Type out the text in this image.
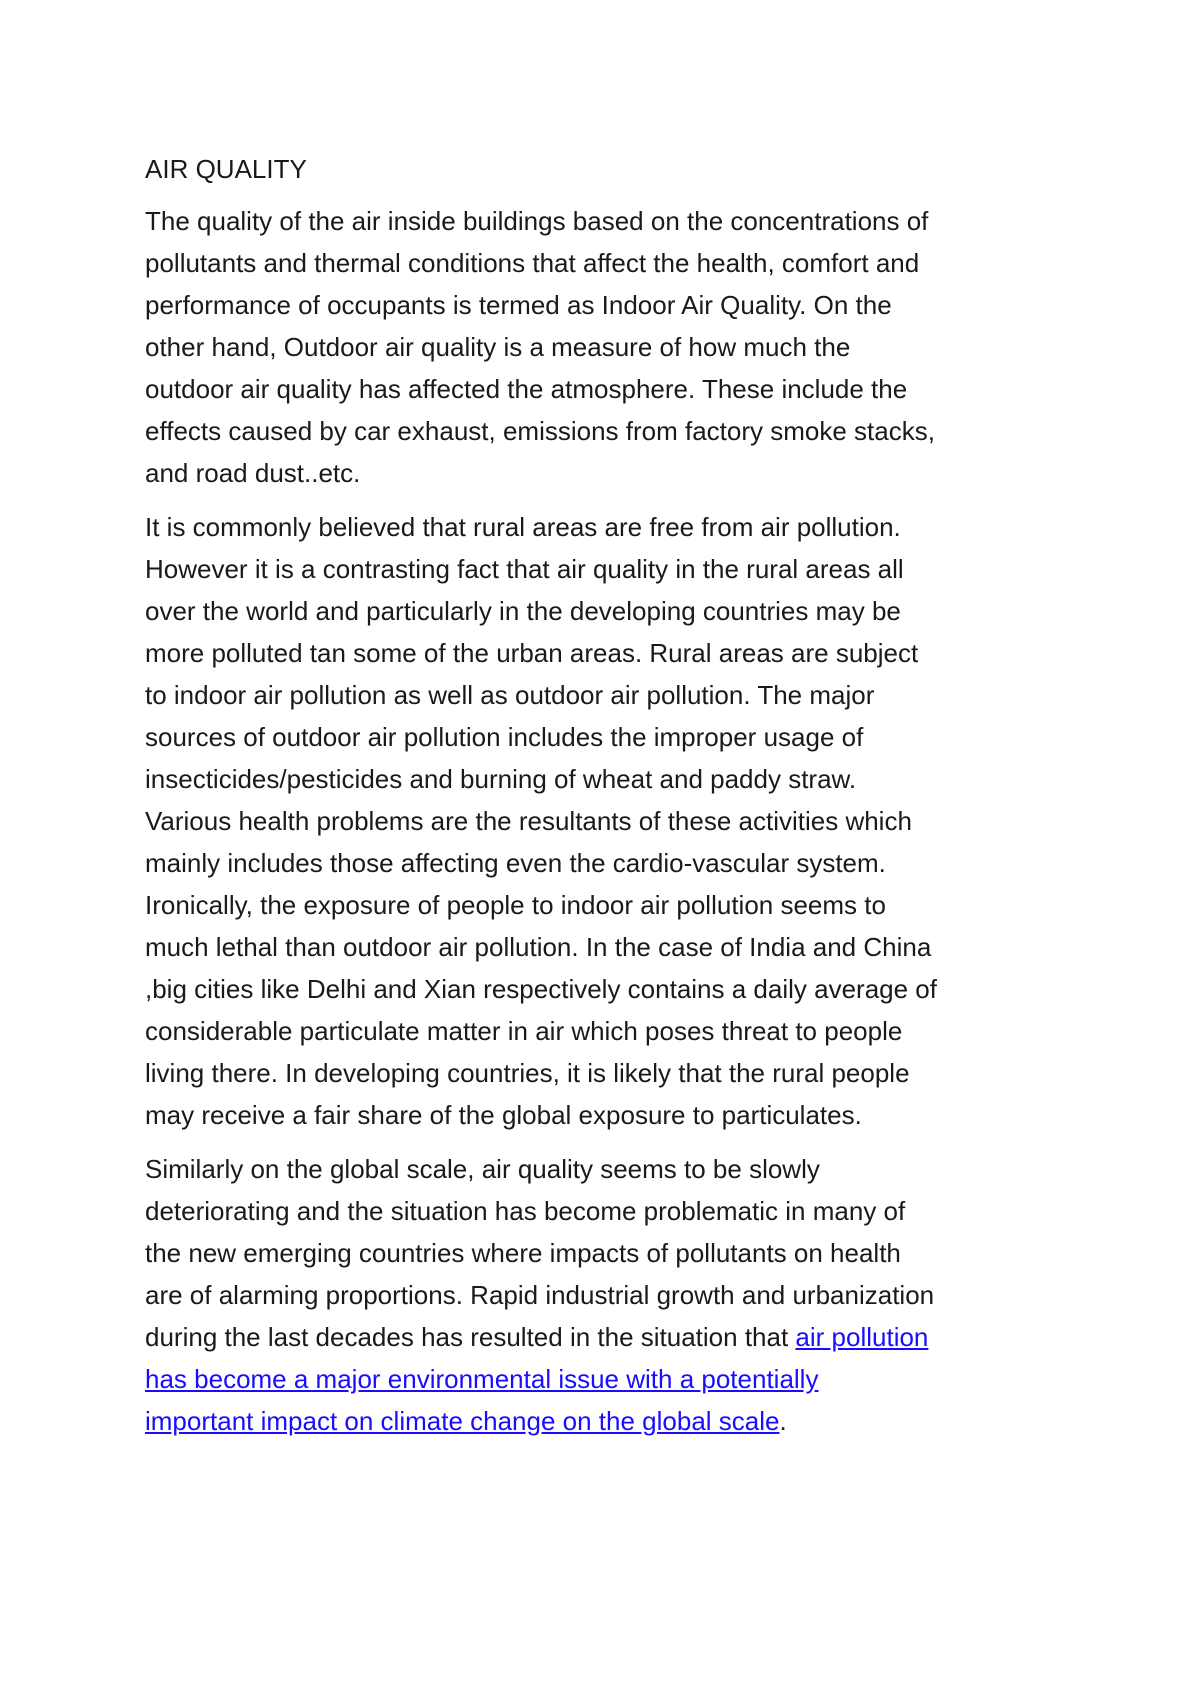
AIR QUALITY

The quality of the air inside buildings based on the concentrations of
pollutants and thermal conditions that affect the health, comfort and
performance of occupants is termed as Indoor Air Quality. On the
other hand, Outdoor air quality is a measure of how much the
outdoor air quality has affected the atmosphere. These include the
effects caused by car exhaust, emissions from factory smoke stacks,
and road dust..etc.

It is commonly believed that rural areas are free from air pollution.
However it is a contrasting fact that air quality in the rural areas all
over the world and particularly in the developing countries may be
more polluted tan some of the urban areas. Rural areas are subject
to indoor air pollution as well as outdoor air pollution. The major
sources of outdoor air pollution includes the improper usage of
insecticides/pesticides and burning of wheat and paddy straw.
Various health problems are the resultants of these activities which
mainly includes those affecting even the cardio-vascular system.
Ironically, the exposure of people to indoor air pollution seems to
much lethal than outdoor air pollution. In the case of India and China
,big cities like Delhi and Xian respectively contains a daily average of
considerable particulate matter in air which poses threat to people
living there. In developing countries, it is likely that the rural people
may receive a fair share of the global exposure to particulates.

Similarly on the global scale, air quality seems to be slowly
deteriorating and the situation has become problematic in many of
the new emerging countries where impacts of pollutants on health
are of alarming proportions. Rapid industrial growth and urbanization
during the last decades has resulted in the situation that air pollution
has become a major environmental issue with a potentially
important impact on climate change on the global scale.
